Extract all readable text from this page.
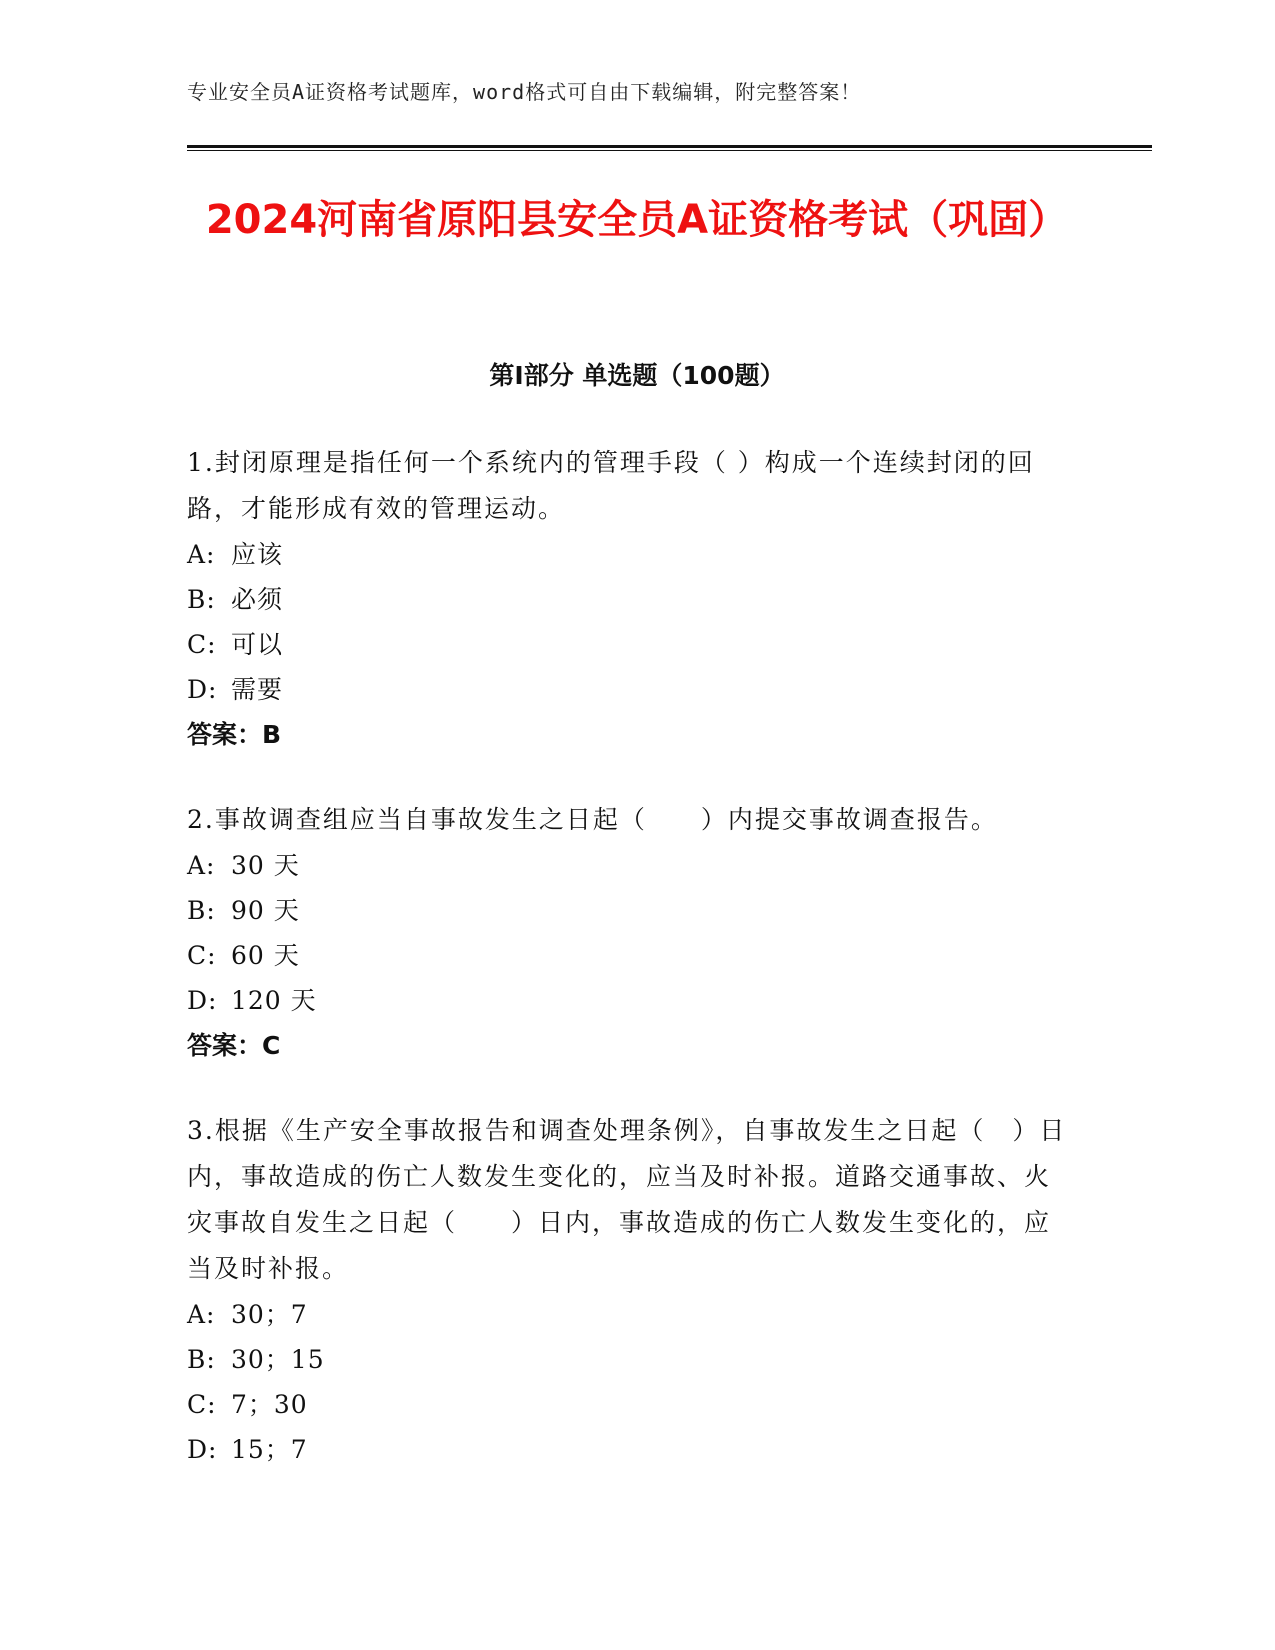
专业安全员A证资格考试题库，word格式可自由下载编辑，附完整答案！
2024河南省原阳县安全员A证资格考试（巩固）
第Ⅰ部分 单选题（100题）

1.封闭原理是指任何一个系统内的管理手段（ ）构成一个连续封闭的回路，才能形成有效的管理运动。

A: 应该
B: 必须
C: 可以
D: 需要
答案：B

2.事故调查组应当自事故发生之日起（　　）内提交事故调查报告。

A: 30 天
B: 90 天
C: 60 天
D: 120 天
答案：C

3.根据《生产安全事故报告和调查处理条例》，自事故发生之日起（　）日内，事故造成的伤亡人数发生变化的，应当及时补报。道路交通事故、火灾事故自发生之日起（　　）日内，事故造成的伤亡人数发生变化的，应当及时补报。

A: 30；7
B: 30；15
C: 7；30
D: 15；7
